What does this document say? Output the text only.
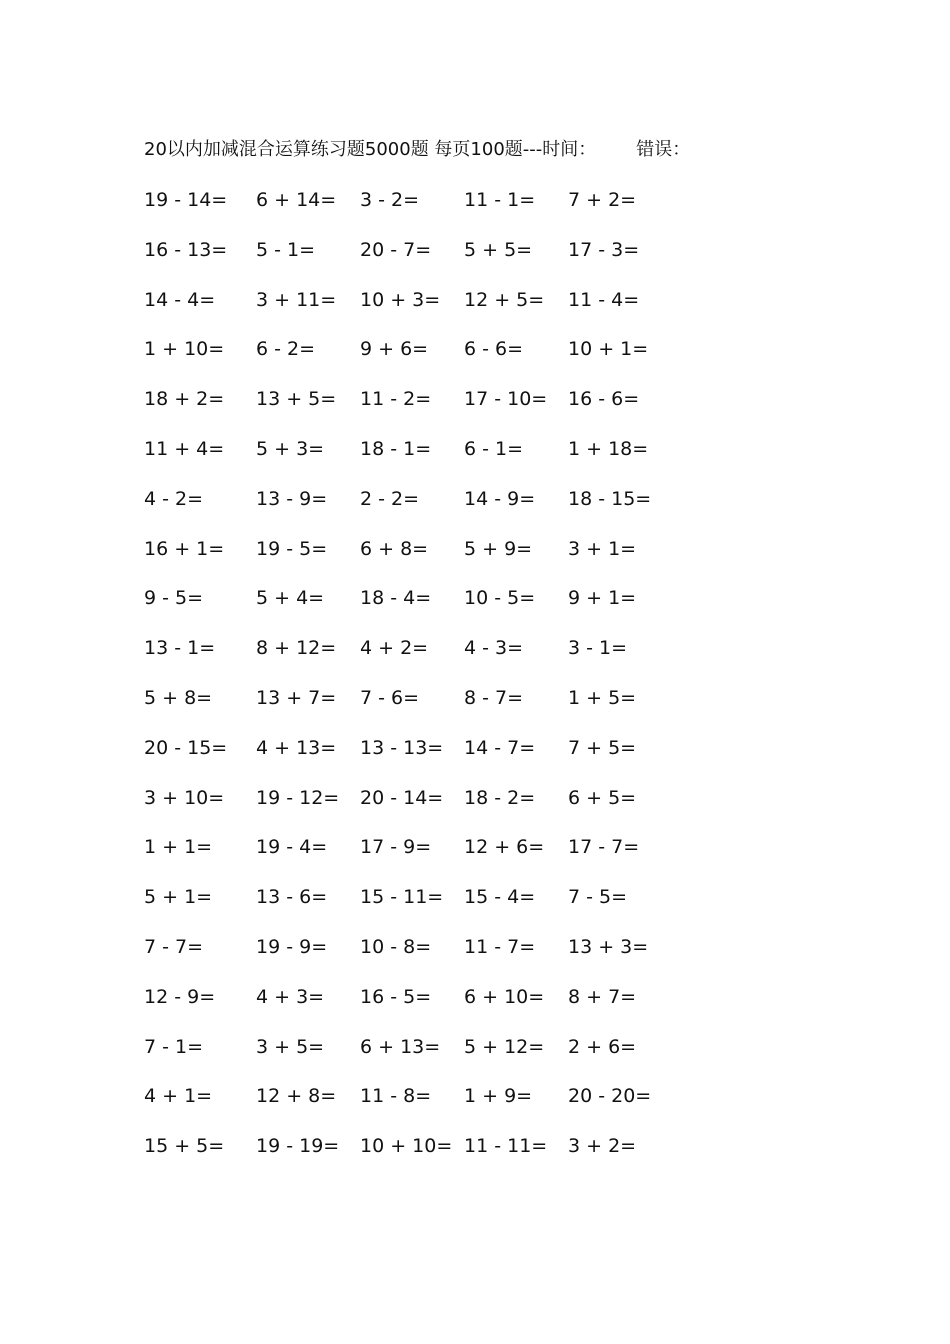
20以内加减混合运算练习题5000题 每页100题---时间： 错误：
19 - 14= 6 + 14= 3 - 2= 11 - 1= 7 + 2=
16 - 13= 5 - 1= 20 - 7= 5 + 5= 17 - 3=
14 - 4= 3 + 11= 10 + 3= 12 + 5= 11 - 4=
1 + 10= 6 - 2= 9 + 6= 6 - 6= 10 + 1=
18 + 2= 13 + 5= 11 - 2= 17 - 10= 16 - 6=
11 + 4= 5 + 3= 18 - 1= 6 - 1= 1 + 18=
4 - 2=	13 - 9= 2 - 2= 14 - 9= 18 - 15=
16 + 1= 19 - 5= 6 + 8= 5 + 9= 3 + 1=
9 - 5=	5 + 4= 18 - 4= 10 - 5= 9 + 1=
13 - 1= 8 + 12= 4 + 2= 4 - 3= 3 - 1=
5 + 8= 13 + 7= 7 - 6= 8 - 7= 1 + 5=
20 - 15= 4 + 13= 13 - 13= 14 - 7= 7 + 5=
3 + 10= 19 - 12= 20 - 14= 18 - 2= 6 + 5=
1 + 1= 19 - 4= 17 - 9= 12 + 6= 17 - 7=
5 + 1= 13 - 6= 15 - 11= 15 - 4= 7 - 5=
7 - 7=	19 - 9= 10 - 8= 11 - 7= 13 + 3=
12 - 9= 4 + 3= 16 - 5= 6 + 10= 8 + 7=
7 - 1=	3 + 5= 6 + 13= 5 + 12= 2 + 6=
4 + 1= 12 + 8= 11 - 8= 1 + 9= 20 - 20=
15 + 5= 19 - 19= 10 + 10= 11 - 11= 3 + 2=
